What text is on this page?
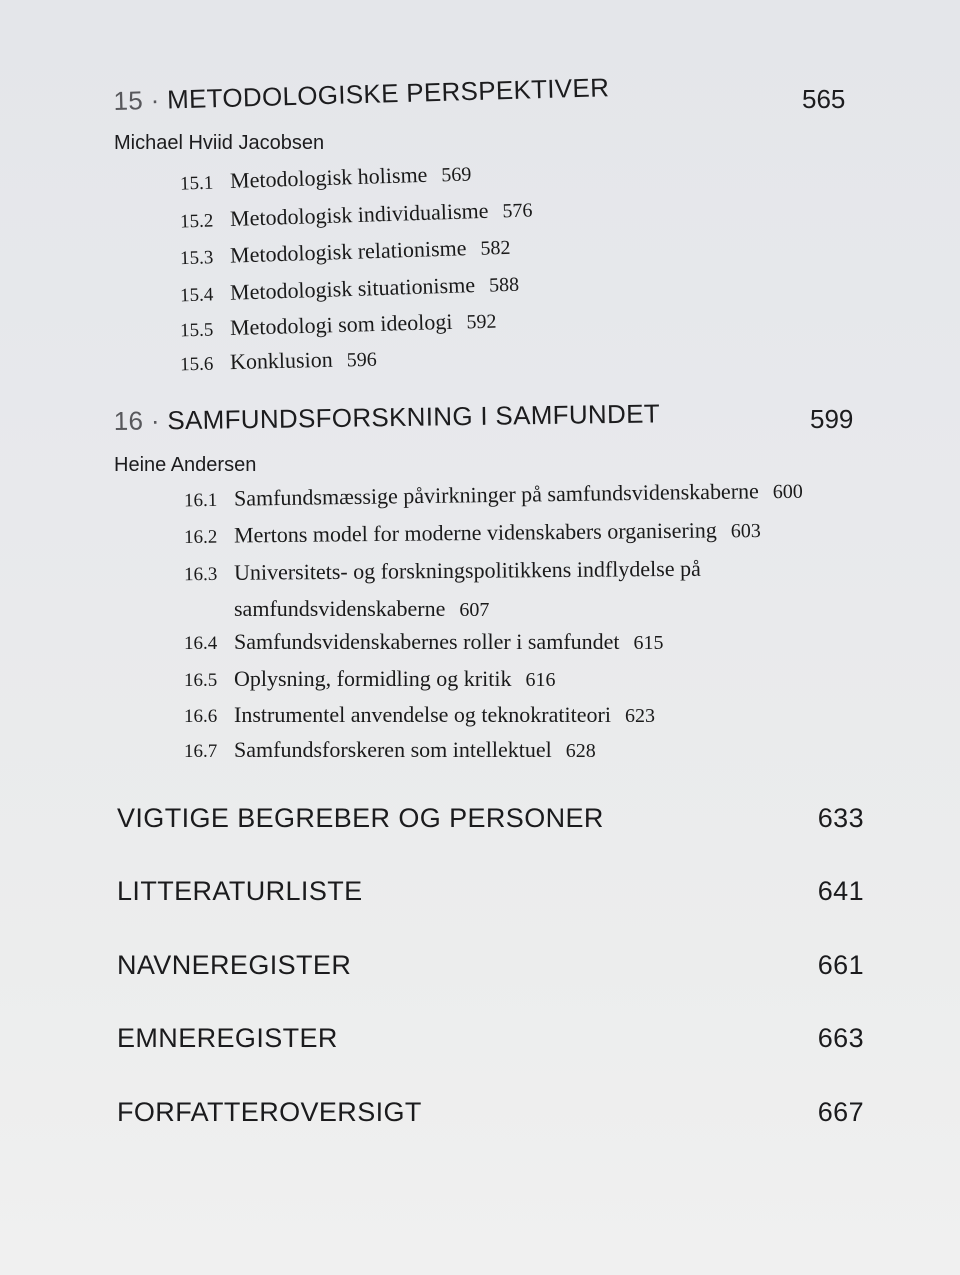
15 · METODOLOGISKE PERSPEKTIVER	565
Michael Hviid Jacobsen
15.1 Metodologisk holisme 569
15.2 Metodologisk individualisme 576
15.3 Metodologisk relationisme 582
15.4 Metodologisk situationisme 588
15.5 Metodologi som ideologi 592
15.6 Konklusion 596
16 · SAMFUNDSFORSKNING I SAMFUNDET	599
Heine Andersen
16.1 Samfundsmæssige påvirkninger på samfundsvidenskaberne 600
16.2 Mertons model for moderne videnskabers organisering 603
16.3 Universitets- og forskningspolitikkens indflydelse på
samfundsvidenskaberne 607
16.4 Samfundsvidenskabernes roller i samfundet 615
16.5 Oplysning, formidling og kritik 616
16.6 Instrumentel anvendelse og teknokratiteori 623
16.7 Samfundsforskeren som intellektuel 628
VIGTIGE BEGREBER OG PERSONER	633
LITTERATURLISTE	641
NAVNEREGISTER	661
EMNEREGISTER	663
FORFATTEROVERSIGT	667
